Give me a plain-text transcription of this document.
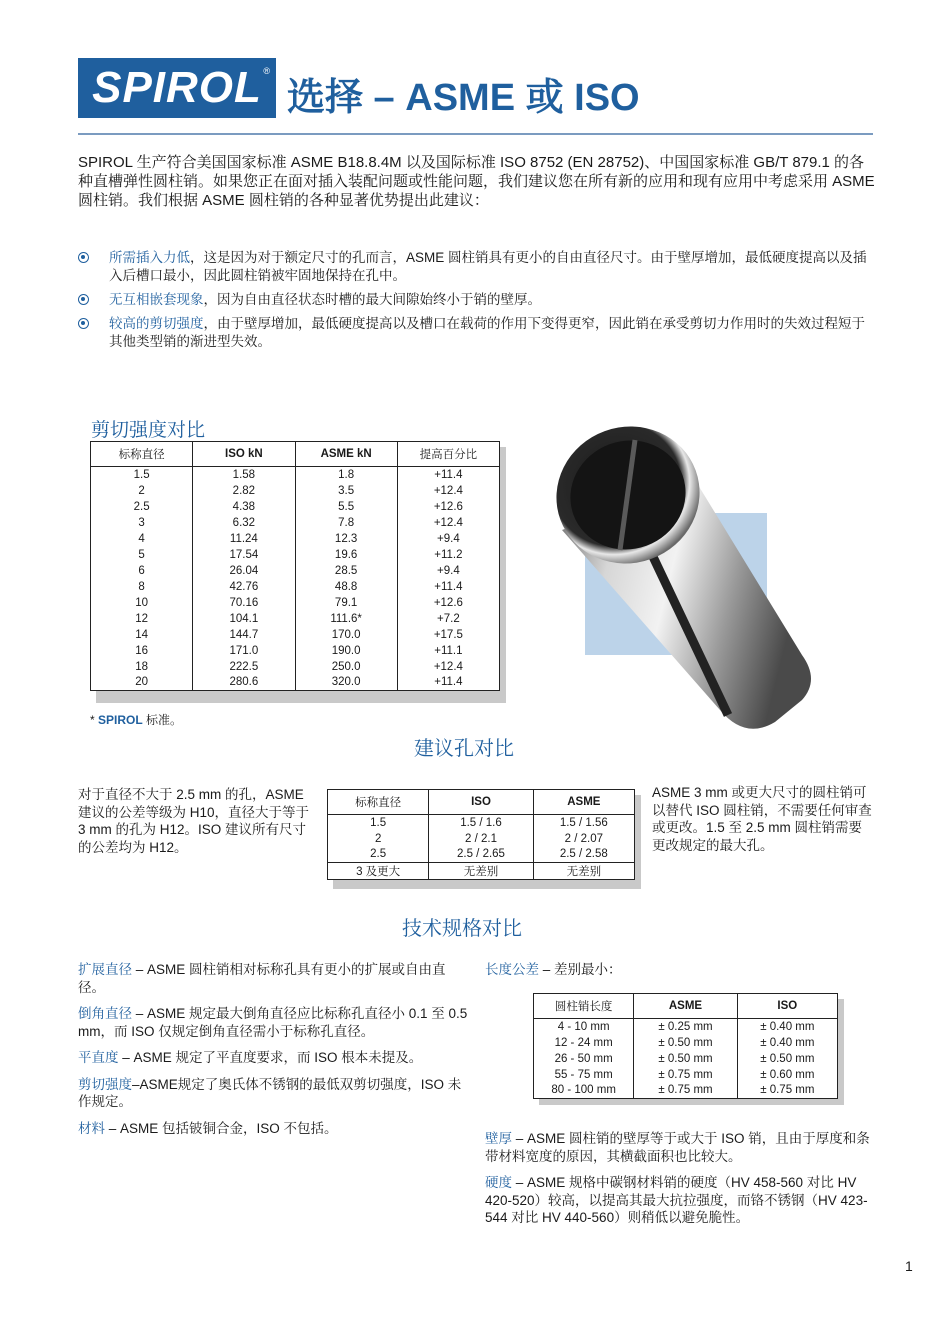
SPIROL®
选择 – ASME 或 ISO
SPIROL 生产符合美国国家标准 ASME B18.8.4M 以及国际标准 ISO 8752 (EN 28752)、中国国家标准 GB/T 879.1 的各种直槽弹性圆柱销。如果您正在面对插入装配问题或性能问题，我们建议您在所有新的应用和现有应用中考虑采用 ASME 圆柱销。我们根据 ASME 圆柱销的各种显著优势提出此建议：
所需插入力低，这是因为对于额定尺寸的孔而言，ASME 圆柱销具有更小的自由直径尺寸。由于壁厚增加，最低硬度提高以及插入后槽口最小，因此圆柱销被牢固地保持在孔中。
无互相嵌套现象，因为自由直径状态时槽的最大间隙始终小于销的壁厚。
较高的剪切强度，由于壁厚增加，最低硬度提高以及槽口在载荷的作用下变得更窄，因此销在承受剪切力作用时的失效过程短于其他类型销的渐进型失效。
剪切强度对比
标称直径	ISO kN	ASME kN	提高百分比
1.5	1.58	1.8	+11.4
2	2.82	3.5	+12.4
2.5	4.38	5.5	+12.6
3	6.32	7.8	+12.4
4	11.24	12.3	+9.4
5	17.54	19.6	+11.2
6	26.04	28.5	+9.4
8	42.76	48.8	+11.4
10	70.16	79.1	+12.6
12	104.1	111.6*	+7.2
14	144.7	170.0	+17.5
16	171.0	190.0	+11.1
18	222.5	250.0	+12.4
20	280.6	320.0	+11.4
* SPIROL 标准。
建议孔对比
对于直径不大于 2.5 mm 的孔，ASME 建议的公差等级为 H10，直径大于等于 3 mm 的孔为 H12。ISO 建议所有尺寸的公差均为 H12。
ASME 3 mm 或更大尺寸的圆柱销可以替代 ISO 圆柱销，不需要任何审查或更改。1.5 至 2.5 mm 圆柱销需要更改规定的最大孔。
标称直径	ISO	ASME
1.5	1.5 / 1.6	1.5 / 1.56
2	2 / 2.1	2 / 2.07
2.5	2.5 / 2.65	2.5 / 2.58
3 及更大	无差别	无差别
技术规格对比

扩展直径 – ASME 圆柱销相对标称孔具有更小的扩展或自由直径。

倒角直径 – ASME 规定最大倒角直径应比标称孔直径小 0.1 至 0.5 mm，而 ISO 仅规定倒角直径需小于标称孔直径。

平直度 – ASME 规定了平直度要求，而 ISO 根本未提及。

剪切强度–ASME规定了奥氏体不锈钢的最低双剪切强度，ISO 未作规定。

材料 – ASME 包括铍铜合金，ISO 不包括。

长度公差 – 差别最小：
圆柱销长度	ASME	ISO
4 - 10 mm	± 0.25 mm	± 0.40 mm
12 - 24 mm	± 0.50 mm	± 0.40 mm
26 - 50 mm	± 0.50 mm	± 0.50 mm
55 - 75 mm	± 0.75 mm	± 0.60 mm
80 - 100 mm	± 0.75 mm	± 0.75 mm

壁厚 – ASME 圆柱销的壁厚等于或大于 ISO 销，且由于厚度和条带材料宽度的原因，其横截面积也比较大。

硬度 – ASME 规格中碳钢材料销的硬度（HV 458-560 对比 HV 420-520）较高，以提高其最大抗拉强度，而铬不锈钢（HV 423-544 对比 HV 440-560）则稍低以避免脆性。

1
